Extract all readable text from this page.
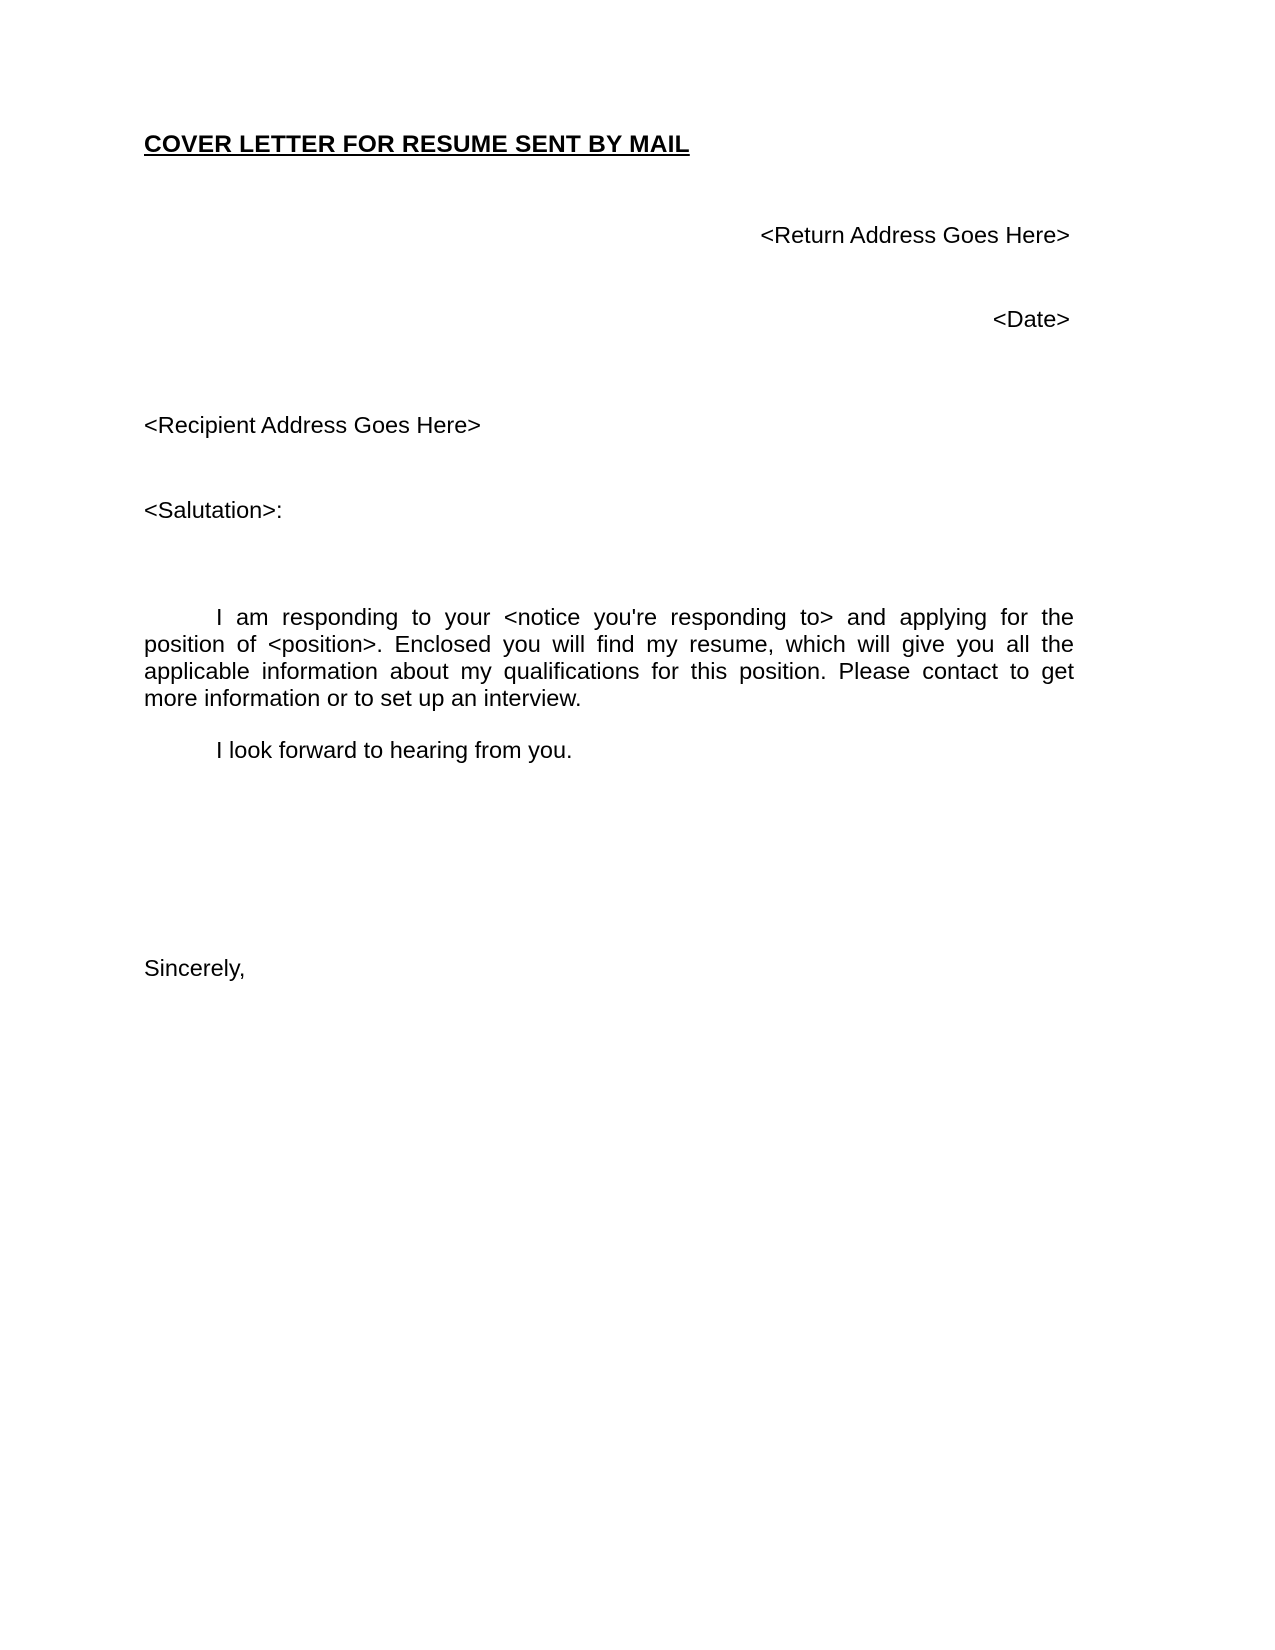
COVER LETTER FOR RESUME SENT BY MAIL
<Return Address Goes Here>
<Date>
<Recipient Address Goes Here>
<Salutation>:

I am responding to your <notice you're responding to> and applying for the position of <position>. Enclosed you will find my resume, which will give you all the applicable information about my qualifications for this position. Please contact to get more information or to set up an interview.

I look forward to hearing from you.

Sincerely,
